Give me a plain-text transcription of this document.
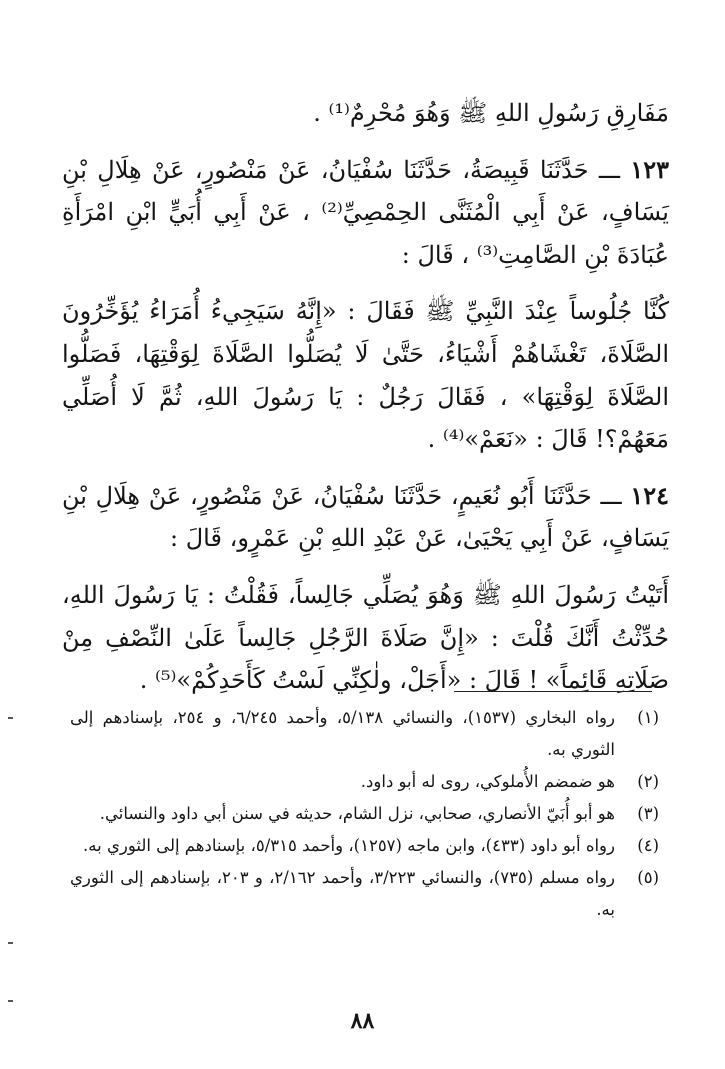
مَفَارِقِ رَسُولِ اللهِ ﷺ وَهُوَ مُحْرِمٌ⁽¹⁾ .

١٢٣ ـــ حَدَّثَنَا قَبِيصَةُ، حَدَّثَنَا سُفْيَانُ، عَنْ مَنْصُورٍ، عَنْ هِلَالِ بْنِ يَسَافٍ، عَنْ أَبِي الْمُثَنَّى الحِمْصِيِّ⁽²⁾ ، عَنْ أَبِي أُبَيٍّ ابْنِ امْرَأَةِ عُبَادَةَ بْنِ الصَّامِتِ⁽³⁾ ، قَالَ :

كُنَّا جُلُوساً عِنْدَ النَّبِيِّ ﷺ فَقَالَ : «إِنَّهُ سَيَجِيءُ أُمَرَاءُ يُؤَخِّرُونَ الصَّلَاةَ، تَغْشَاهُمْ أَشْيَاءُ، حَتَّىٰ لَا يُصَلُّوا الصَّلَاةَ لِوَقْتِهَا، فَصَلُّوا الصَّلَاةَ لِوَقْتِهَا» ، فَقَالَ رَجُلٌ : يَا رَسُولَ اللهِ، ثُمَّ لَا أُصَلِّي مَعَهُمْ؟! قَالَ : «نَعَمْ»⁽⁴⁾ .

١٢٤ ـــ حَدَّثَنَا أَبُو نُعَيمٍ، حَدَّثَنَا سُفْيَانُ، عَنْ مَنْصُورٍ، عَنْ هِلَالِ بْنِ يَسَافٍ، عَنْ أَبِي يَحْيَىٰ، عَنْ عَبْدِ اللهِ بْنِ عَمْرٍو، قَالَ :

أَتَيْتُ رَسُولَ اللهِ ﷺ وَهُوَ يُصَلِّي جَالِساً، فَقُلْتُ : يَا رَسُولَ اللهِ، حُدِّثْتُ أَنَّكَ قُلْتَ : «إِنَّ صَلَاةَ الرَّجُلِ جَالِساً عَلَىٰ النِّصْفِ مِنْ صَلَاتِهِ قَائِماً» ! قَالَ : «أَجَلْ، ولٰكِنِّي لَسْتُ كَأَحَدِكُمْ»⁽⁵⁾ .

(١)
رواه البخاري (١٥٣٧)، والنسائي ٥/١٣٨، وأحمد ٦/٢٤٥، و ٢٥٤، بإسنادهم إلى الثوري به.

(٢)
هو ضمضم الأُملوكي، روى له أبو داود.

(٣)
هو أبو أُبَيّ الأنصاري، صحابي، نزل الشام، حديثه في سنن أبي داود والنسائي.

(٤)
رواه أبو داود (٤٣٣)، وابن ماجه (١٢٥٧)، وأحمد ٥/٣١٥، بإسنادهم إلى الثوري به.

(٥)
رواه مسلم (٧٣٥)، والنسائي ٣/٢٢٣، وأحمد ٢/١٦٢، و ٢٠٣، بإسنادهم إلى الثوري به.

٨٨
